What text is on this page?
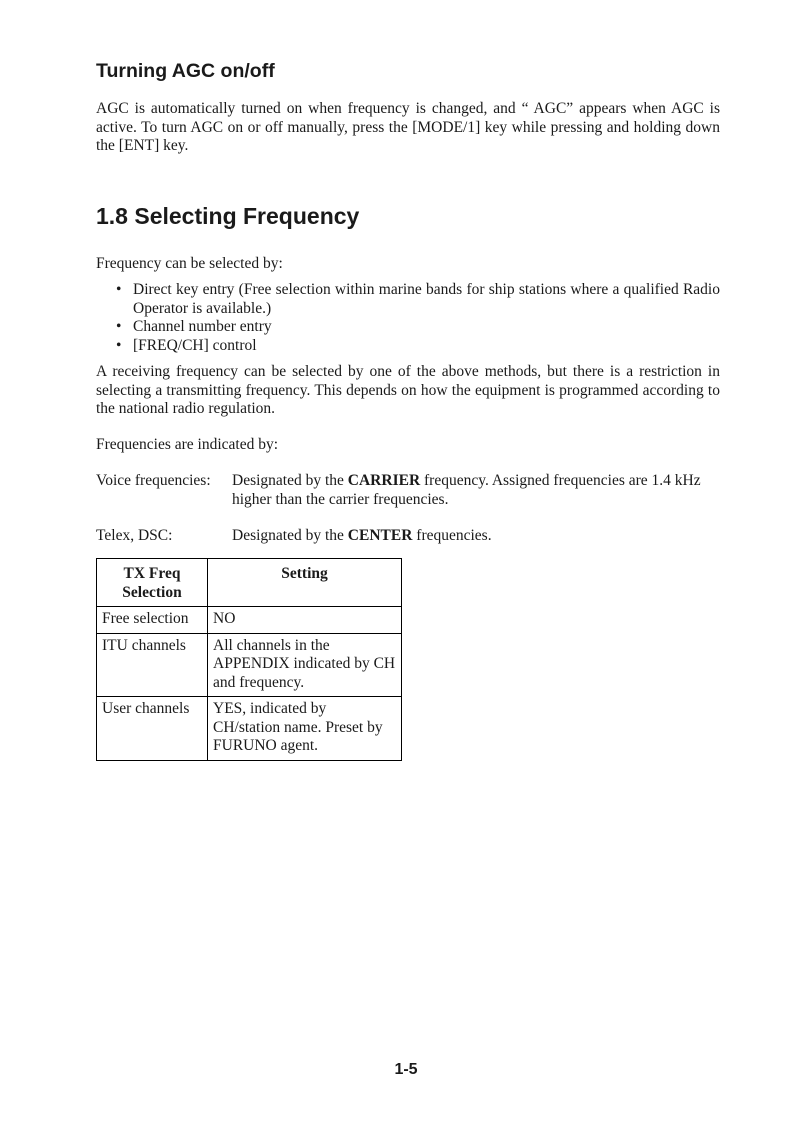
Turning AGC on/off

AGC is automatically turned on when frequency is changed, and “ AGC” appears when AGC is active. To turn AGC on or off manually, press the [MODE/1] key while pressing and holding down the [ENT] key.

1.8 Selecting Frequency

Frequency can be selected by:

• Direct key entry (Free selection within marine bands for ship stations where a qualified Radio Operator is available.)
• Channel number entry
• [FREQ/CH] control

A receiving frequency can be selected by one of the above methods, but there is a restriction in selecting a transmitting frequency. This depends on how the equipment is programmed according to the national radio regulation.

Frequencies are indicated by:

Voice frequencies: Designated by the CARRIER frequency. Assigned frequencies are 1.4 kHz higher than the carrier frequencies.
Telex, DSC:	Designated by the CENTER frequencies.
TX Freq Selection	Setting
Free selection	NO
ITU channels	All channels in the APPENDIX indicated by CH and frequency.
User channels	YES, indicated by CH/station name. Preset by FURUNO agent.
1-5
